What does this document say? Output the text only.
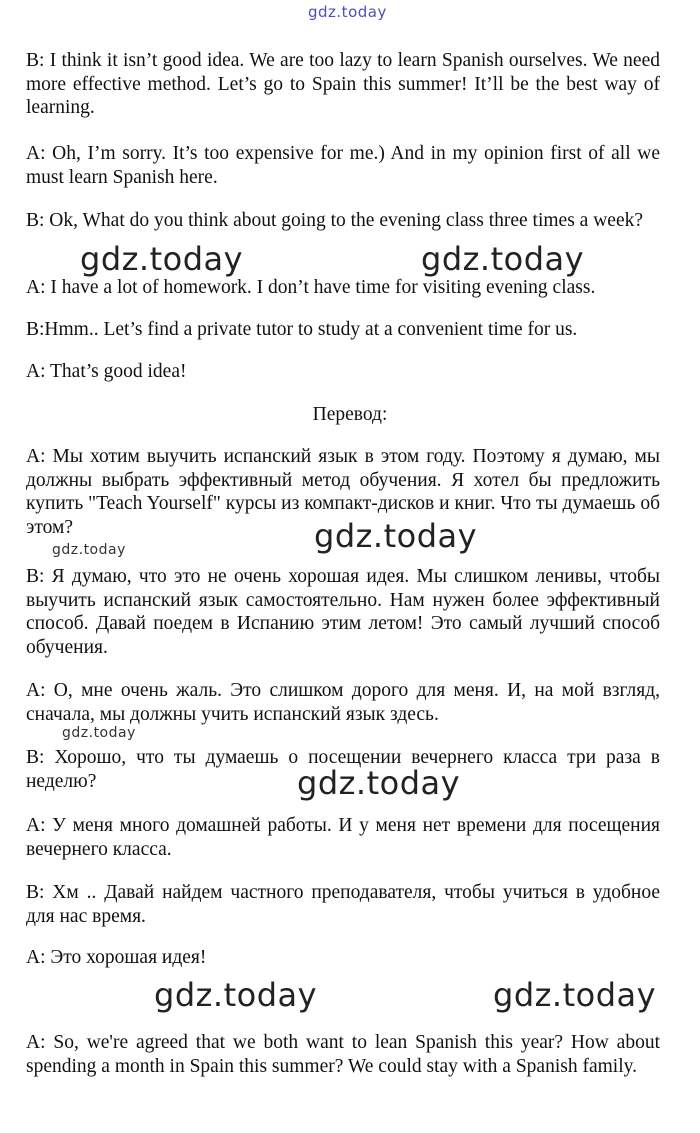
gdz.today

B: I think it isn’t good idea. We are too lazy to learn Spanish ourselves. We need more effective method. Let’s go to Spain this summer! It’ll be the best way of learning.

A: Oh, I’m sorry. It’s too expensive for me.) And in my opinion first of all we must learn Spanish here.

B: Ok, What do you think about going to the evening class three times a week?

A: I have a lot of homework. I don’t have time for visiting evening class.

B:Hmm.. Let’s find a private tutor to study at a convenient time for us.

A: That’s good idea!

Перевод:

А: Мы хотим выучить испанский язык в этом году. Поэтому я думаю, мы должны выбрать эффективный метод обучения. Я хотел бы предложить купить "Teach Yourself" курсы из компакт-дисков и книг. Что ты думаешь об этом?

В: Я думаю, что это не очень хорошая идея. Мы слишком ленивы, чтобы выучить испанский язык самостоятельно. Нам нужен более эффективный способ. Давай поедем в Испанию этим летом! Это самый лучший способ обучения.

А: О, мне очень жаль. Это слишком дорого для меня. И, на мой взгляд, сначала, мы должны учить испанский язык здесь.

В: Хорошо, что ты думаешь о посещении вечернего класса три раза в неделю?

А: У меня много домашней работы. И у меня нет времени для посещения вечернего класса.

В: Хм .. Давай найдем частного преподавателя, чтобы учиться в удобное для нас время.

А: Это хорошая идея!

A: So, we're agreed that we both want to lean Spanish this year? How about spending a month in Spain this summer? We could stay with a Spanish family.

gdz.today	gdz.today
gdz.today
gdz.today
gdz.today
gdz.today
gdz.today	gdz.today
